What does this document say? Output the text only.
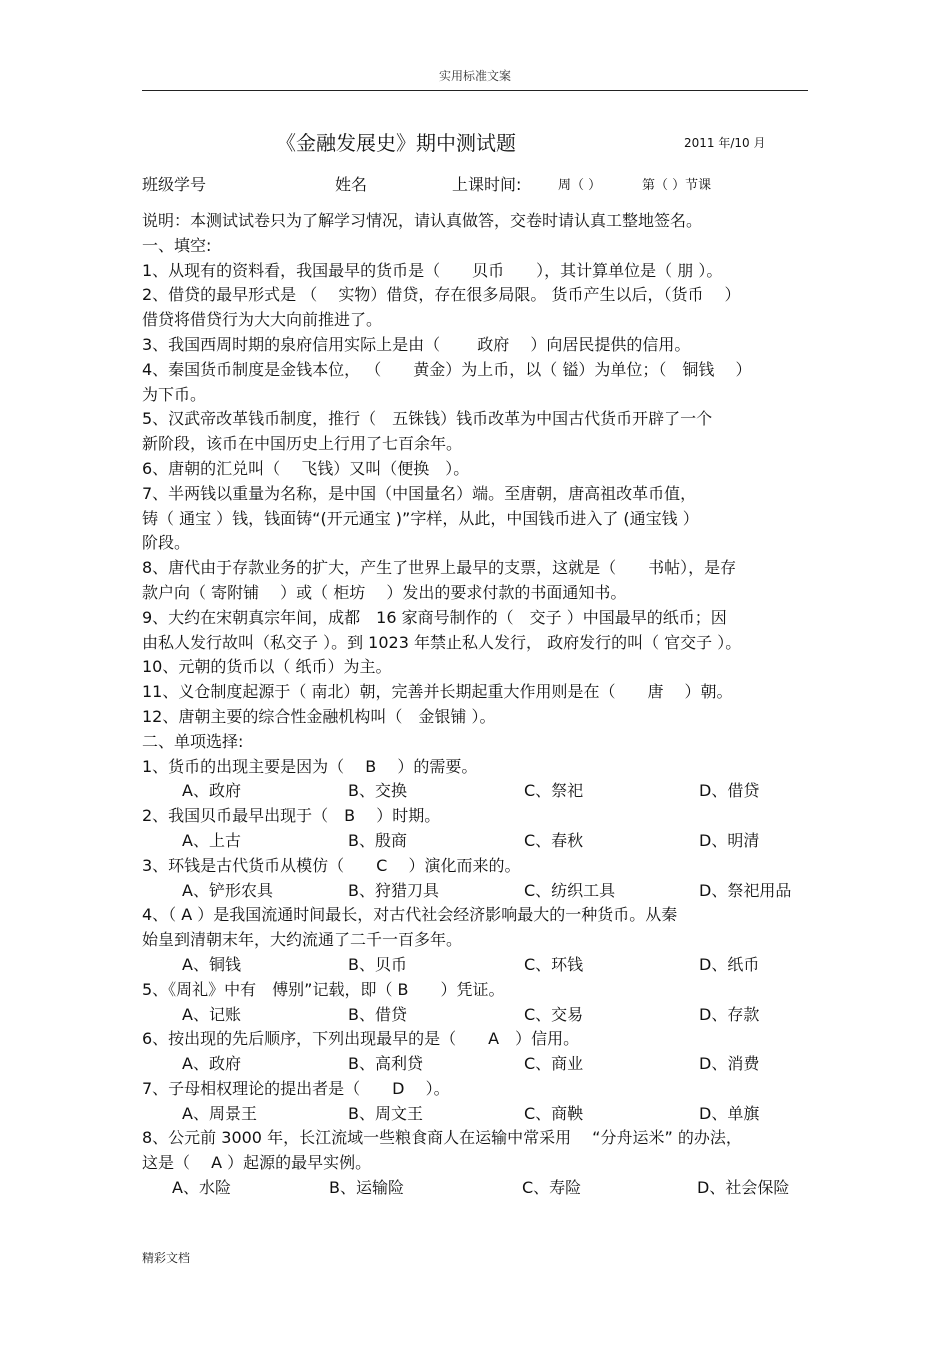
实用标准文案
《金融发展史》期中测试题	2011 年/10 月
班级学号	姓名	上课时间:	周（ ）	第（ ）节课
说明：本测试试卷只为了解学习情况，请认真做答，交卷时请认真工整地签名。
一、填空:
1、从现有的资料看，我国最早的货币是（　　贝币　　），其计算单位是（ 朋 ）。
2、借贷的最早形式是 （　 实物）借贷，存在很多局限。 货币产生以后，（货币　 ）
借贷将借贷行为大大向前推进了。
3、我国西周时期的泉府信用实际上是由（　　 政府　 ）向居民提供的信用。
4、秦国货币制度是金钱本位， （　　黄金）为上币，以（ 镒）为单位；（　铜钱　 ）
为下币。
5、汉武帝改革钱币制度，推行（　五铢钱）钱币改革为中国古代货币开辟了一个
新阶段，该币在中国历史上行用了七百余年。
6、唐朝的汇兑叫（　 飞钱）又叫（便换　）。
7、半两钱以重量为名称，是中国（中国量名）端。至唐朝，唐高祖改革币值，
铸（ 通宝 ）钱，钱面铸“(开元通宝 )”字样，从此，中国钱币进入了 (通宝钱 ）
阶段。
8、唐代由于存款业务的扩大，产生了世界上最早的支票，这就是（　　书帖），是存
款户向（ 寄附铺 　）或（ 柜坊　 ）发出的要求付款的书面通知书。
9、大约在宋朝真宗年间，成都　16 家商号制作的（　交子 ）中国最早的纸币；因
由私人发行故叫（私交子 ）。到 1023 年禁止私人发行， 政府发行的叫（ 官交子 ）。
10、元朝的货币以（ 纸币）为主。
11、义仓制度起源于（ 南北）朝，完善并长期起重大作用则是在（　　唐　 ）朝。
12、唐朝主要的综合性金融机构叫（　金银铺 ）。
二、单项选择:
1、货币的出现主要是因为（　 B　 ）的需要。
A、政府	B、交换	C、祭祀	D、借贷
2、我国贝币最早出现于（　B　 ）时期。
A、上古	B、殷商	C、春秋	D、明清
3、环钱是古代货币从模仿（　　C　 ）演化而来的。
A、铲形农具	B、狩猎刀具	C、纺织工具	D、祭祀用品
4、（ A ）是我国流通时间最长，对古代社会经济影响最大的一种货币。从秦
始皇到清朝末年，大约流通了二千一百多年。
A、铜钱	B、贝币	C、环钱	D、纸币
5、《周礼》中有　傅别”记载，即（ B　　）凭证。
A、记账	B、借贷	C、交易	D、存款
6、按出现的先后顺序，下列出现最早的是（　　A　）信用。
A、政府	B、高利贷	C、商业	D、消费
7、子母相权理论的提出者是（　　D　 ）。
A、周景王	B、周文王	C、商鞅	D、单旗
8、公元前 3000 年，长江流域一些粮食商人在运输中常采用 　“分舟运米” 的办法，
这是（　 A ）起源的最早实例。
A、水险	B、运输险	C、寿险	D、社会保险
精彩文档
